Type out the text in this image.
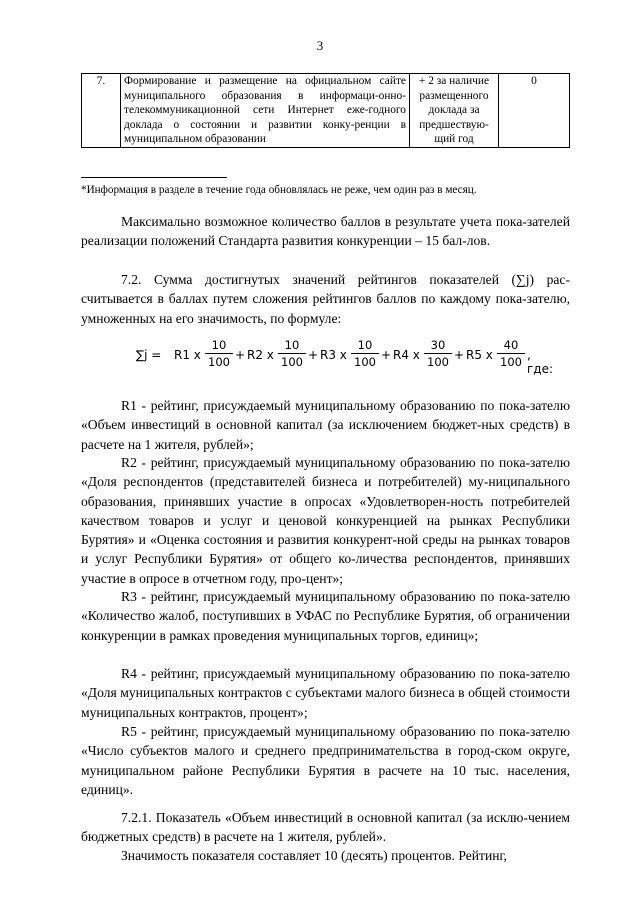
3
7.	Формирование и размещение на официальном сайте муниципального образования в информаци-онно-телекоммуникационной сети Интернет еже-годного доклада о состоянии и развитии конку-ренции в муниципальном образовании	+ 2 за наличие размещенного доклада за предшествую-щий год	0
*Информация в разделе в течение года обновлялась не реже, чем один раз в месяц.
Максимально возможное количество баллов в результате учета пока-зателей реализации положений Стандарта развития конкуренции – 15 бал-лов.
7.2. Сумма достигнутых значений рейтингов показателей (∑j) рас-считывается в баллах путем сложения рейтингов баллов по каждому пока-зателю, умноженных на его значимость, по формуле:
∑j = R1 x $\frac{10}{100} + R2$ x $\frac{10}{100} + R3$ x $\frac{10}{100} + R4$ x $\frac{30}{100} + R5$ x $\frac{40}{100}$ , где:
R1 - рейтинг, присуждаемый муниципальному образованию по пока-зателю «Объем инвестиций в основной капитал (за исключением бюджет-ных средств) в расчете на 1 жителя, рублей»;
R2 - рейтинг, присуждаемый муниципальному образованию по пока-зателю «Доля респондентов (представителей бизнеса и потребителей) му-ниципального образования, принявших участие в опросах «Удовлетворен-ность потребителей качеством товаров и услуг и ценовой конкуренцией на рынках Республики Бурятия» и «Оценка состояния и развития конкурент-ной среды на рынках товаров и услуг Республики Бурятия» от общего ко-личества респондентов, принявших участие в опросе в отчетном году, про-цент»;
R3 - рейтинг, присуждаемый муниципальному образованию по пока-зателю «Количество жалоб, поступивших в УФАС по Республике Бурятия, об ограничении конкуренции в рамках проведения муниципальных торгов, единиц»;
R4 - рейтинг, присуждаемый муниципальному образованию по пока-зателю «Доля муниципальных контрактов с субъектами малого бизнеса в общей стоимости муниципальных контрактов, процент»;
R5 - рейтинг, присуждаемый муниципальному образованию по пока-зателю «Число субъектов малого и среднего предпринимательства в город-ском округе, муниципальном районе Республики Бурятия в расчете на 10 тыс. населения, единиц».
7.2.1. Показатель «Объем инвестиций в основной капитал (за исклю-чением бюджетных средств) в расчете на 1 жителя, рублей».
Значимость показателя составляет 10 (десять) процентов. Рейтинг,
